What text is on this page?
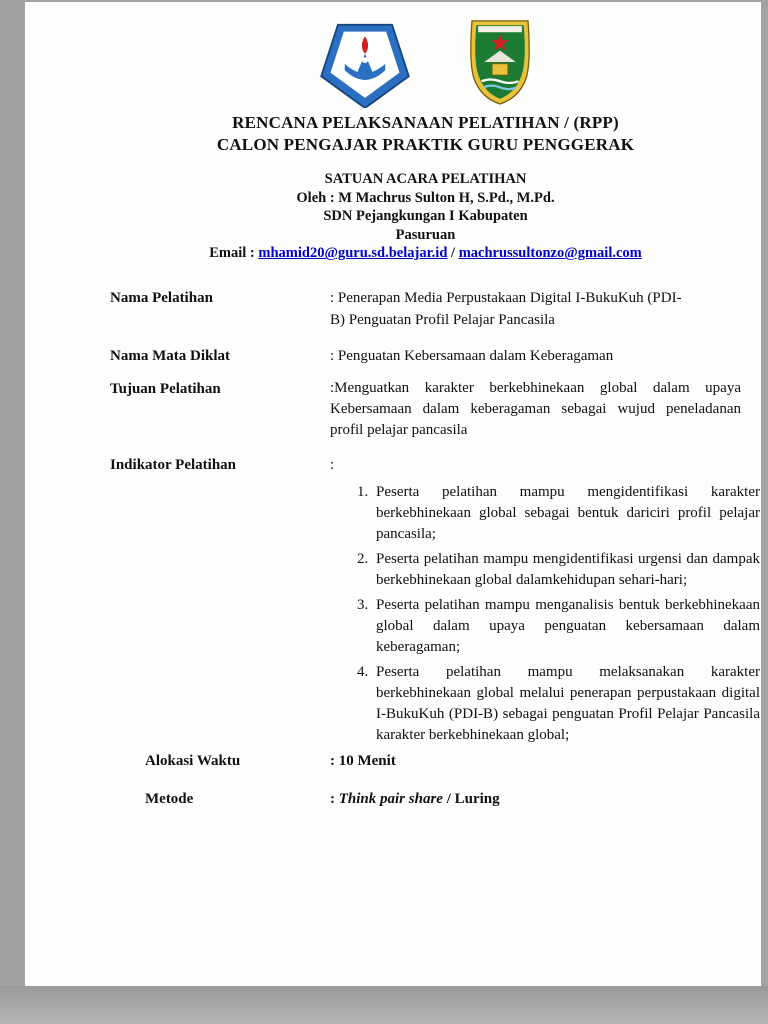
RENCANA PELAKSANAAN PELATIHAN / (RPP)
CALON PENGAJAR PRAKTIK GURU PENGGERAK
SATUAN ACARA PELATIHAN
Oleh : M Machrus Sulton H, S.Pd., M.Pd.
SDN Pejangkungan I Kabupaten
Pasuruan
Email : mhamid20@guru.sd.belajar.id / machrussultonzo@gmail.com
Nama Pelatihan	: Penerapan Media Perpustakaan Digital I-BukuKuh (PDI-B) Penguatan Profil Pelajar Pancasila
Nama Mata Diklat	: Penguatan Kebersamaan dalam Keberagaman
Tujuan Pelatihan	:Menguatkan karakter berkebhinekaan global dalam upaya Kebersamaan dalam keberagaman sebagai wujud peneladanan profil pelajar pancasila
Indikator Pelatihan	:
1. Peserta pelatihan mampu mengidentifikasi karakter berkebhinekaan global sebagai bentuk dariciri profil pelajar pancasila;
2. Peserta pelatihan mampu mengidentifikasi urgensi dan dampak berkebhinekaan global dalamkehidupan sehari-hari;
3. Peserta pelatihan mampu menganalisis bentuk berkebhinekaan global dalam upaya penguatan kebersamaan dalam keberagaman;
4. Peserta pelatihan mampu melaksanakan karakter berkebhinekaan global melalui penerapan perpustakaan digital I-BukuKuh (PDI-B) sebagai penguatan Profil Pelajar Pancasila karakter berkebhinekaan global;
Alokasi Waktu	: 10 Menit
Metode	: Think pair share / Luring
